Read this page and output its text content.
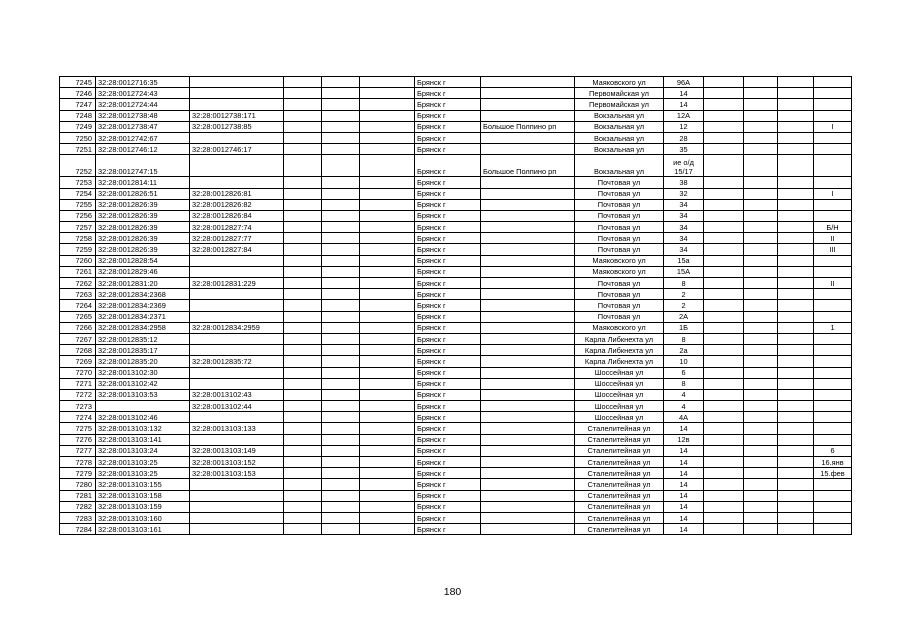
7245	32:28:0012716:35					Брянск г		Маяковского ул	96А				
7246	32:28:0012724:43					Брянск г		Первомайская ул	14				
7247	32:28:0012724:44					Брянск г		Первомайская ул	14				
7248	32:28:0012738:48	32:28:0012738:171				Брянск г		Вокзальная ул	12А				
7249	32:28:0012738:47	32:28:0012738:85				Брянск г	Большое Полпино рп	Вокзальная ул	12				I
7250	32:28:0012742:67					Брянск г		Вокзальная ул	28				
7251	32:28:0012746:12	32:28:0012746:17				Брянск г		Вокзальная ул	35				
7252	32:28:0012747:15					Брянск г	Большое Полпино рп	Вокзальная ул	ие о/д 15/17				
7253	32:28:0012814:11					Брянск г		Почтовая ул	38				
7254	32:28:0012826:51	32:28:0012826:81				Брянск г		Почтовая ул	32				I
7255	32:28:0012826:39	32:28:0012826:82				Брянск г		Почтовая ул	34				
7256	32:28:0012826:39	32:28:0012826:84				Брянск г		Почтовая ул	34				
7257	32:28:0012826:39	32:28:0012827:74				Брянск г		Почтовая ул	34				Б/Н
7258	32:28:0012826:39	32:28:0012827:77				Брянск г		Почтовая ул	34				II
7259	32:28:0012826:39	32:28:0012827:84				Брянск г		Почтовая ул	34				III
7260	32:28:0012828:54					Брянск г		Маяковского ул	15а				
7261	32:28:0012829:46					Брянск г		Маяковского ул	15А				
7262	32:28:0012831:20	32:28:0012831:229				Брянск г		Почтовая ул	8				II
7263	32:28:0012834:2368					Брянск г		Почтовая ул	2				
7264	32:28:0012834:2369					Брянск г		Почтовая ул	2				
7265	32:28:0012834:2371					Брянск г		Почтовая ул	2А				
7266	32:28:0012834:2958	32:28:0012834:2959				Брянск г		Маяковского ул	1Б				1
7267	32:28:0012835:12					Брянск г		Карла Либкнехта ул	8				
7268	32:28:0012835:17					Брянск г		Карла Либкнехта ул	2а				
7269	32:28:0012835:20	32:28:0012835:72				Брянск г		Карла Либкнехта ул	10				
7270	32:28:0013102:30					Брянск г		Шоссейная ул	6				
7271	32:28:0013102:42					Брянск г		Шоссейная ул	8				
7272	32:28:0013103:53	32:28:0013102:43				Брянск г		Шоссейная ул	4				
7273		32:28:0013102:44				Брянск г		Шоссейная ул	4				
7274	32:28:0013102:46					Брянск г		Шоссейная ул	4А				
7275	32:28:0013103:132	32:28:0013103:133				Брянск г		Сталелитейная ул	14				
7276	32:28:0013103:141					Брянск г		Сталелитейная ул	12в				
7277	32:28:0013103:24	32:28:0013103:149				Брянск г		Сталелитейная ул	14				6
7278	32:28:0013103:25	32:28:0013103:152				Брянск г		Сталелитейная ул	14				16.янв
7279	32:28:0013103:25	32:28:0013103:153				Брянск г		Сталелитейная ул	14				15.фев
7280	32:28:0013103:155					Брянск г		Сталелитейная ул	14				
7281	32:28:0013103:158					Брянск г		Сталелитейная ул	14				
7282	32:28:0013103:159					Брянск г		Сталелитейная ул	14				
7283	32:28:0013103:160					Брянск г		Сталелитейная ул	14				
7284	32:28:0013103:161					Брянск г		Сталелитейная ул	14				
180
